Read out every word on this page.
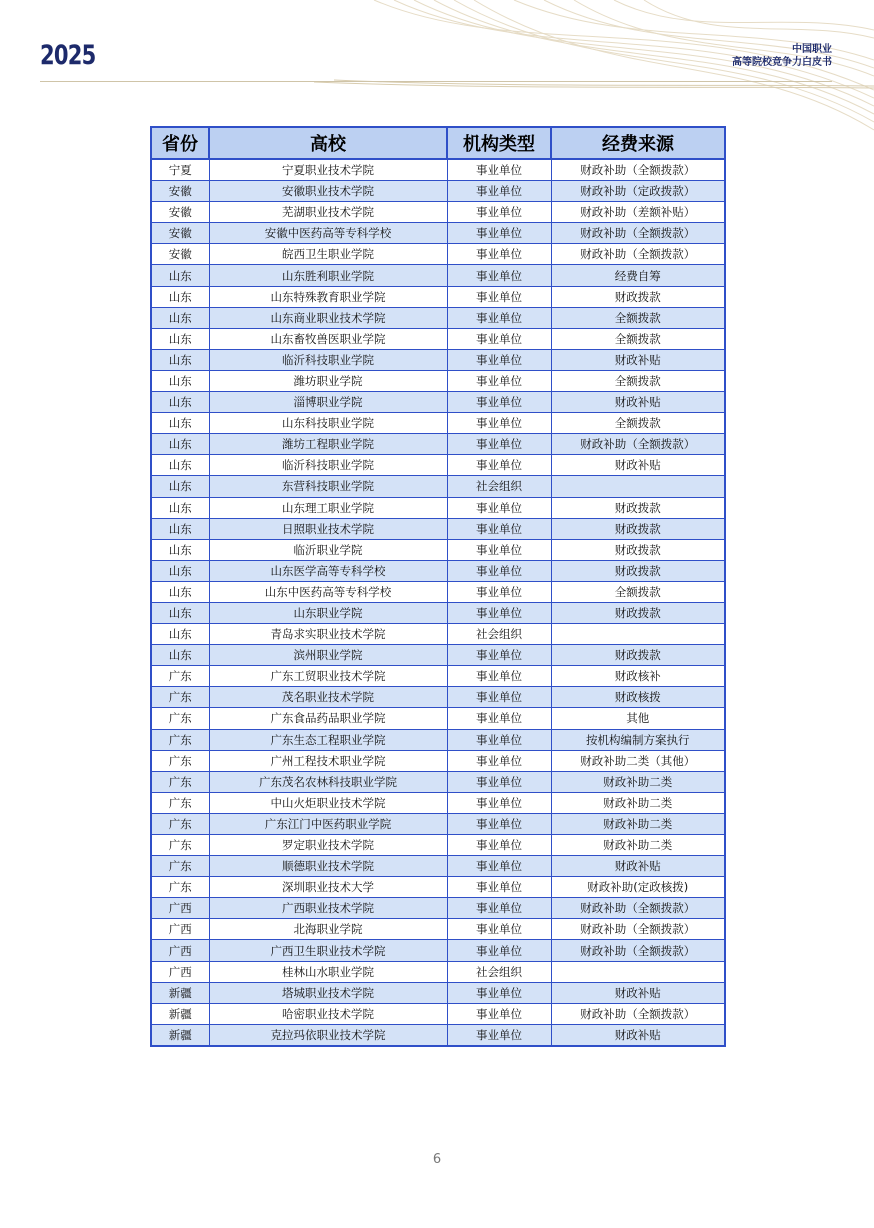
2025	中国职业
高等院校竞争力白皮书
省份	高校	机构类型	经费来源
宁夏	宁夏职业技术学院	事业单位	财政补助（全额拨款）
安徽	安徽职业技术学院	事业单位	财政补助（定政拨款）
安徽	芜湖职业技术学院	事业单位	财政补助（差额补贴）
安徽	安徽中医药高等专科学校	事业单位	财政补助（全额拨款）
安徽	皖西卫生职业学院	事业单位	财政补助（全额拨款）
山东	山东胜利职业学院	事业单位	经费自筹
山东	山东特殊教育职业学院	事业单位	财政拨款
山东	山东商业职业技术学院	事业单位	全额拨款
山东	山东畜牧兽医职业学院	事业单位	全额拨款
山东	临沂科技职业学院	事业单位	财政补贴
山东	潍坊职业学院	事业单位	全额拨款
山东	淄博职业学院	事业单位	财政补贴
山东	山东科技职业学院	事业单位	全额拨款
山东	潍坊工程职业学院	事业单位	财政补助（全额拨款）
山东	临沂科技职业学院	事业单位	财政补贴
山东	东营科技职业学院	社会组织	
山东	山东理工职业学院	事业单位	财政拨款
山东	日照职业技术学院	事业单位	财政拨款
山东	临沂职业学院	事业单位	财政拨款
山东	山东医学高等专科学校	事业单位	财政拨款
山东	山东中医药高等专科学校	事业单位	全额拨款
山东	山东职业学院	事业单位	财政拨款
山东	青岛求实职业技术学院	社会组织	
山东	滨州职业学院	事业单位	财政拨款
广东	广东工贸职业技术学院	事业单位	财政核补
广东	茂名职业技术学院	事业单位	财政核拨
广东	广东食品药品职业学院	事业单位	其他
广东	广东生态工程职业学院	事业单位	按机构编制方案执行
广东	广州工程技术职业学院	事业单位	财政补助二类（其他）
广东	广东茂名农林科技职业学院	事业单位	财政补助二类
广东	中山火炬职业技术学院	事业单位	财政补助二类
广东	广东江门中医药职业学院	事业单位	财政补助二类
广东	罗定职业技术学院	事业单位	财政补助二类
广东	顺德职业技术学院	事业单位	财政补贴
广东	深圳职业技术大学	事业单位	财政补助(定政核拨)
广西	广西职业技术学院	事业单位	财政补助（全额拨款）
广西	北海职业学院	事业单位	财政补助（全额拨款）
广西	广西卫生职业技术学院	事业单位	财政补助（全额拨款）
广西	桂林山水职业学院	社会组织	
新疆	塔城职业技术学院	事业单位	财政补贴
新疆	哈密职业技术学院	事业单位	财政补助（全额拨款）
新疆	克拉玛依职业技术学院	事业单位	财政补贴
6
